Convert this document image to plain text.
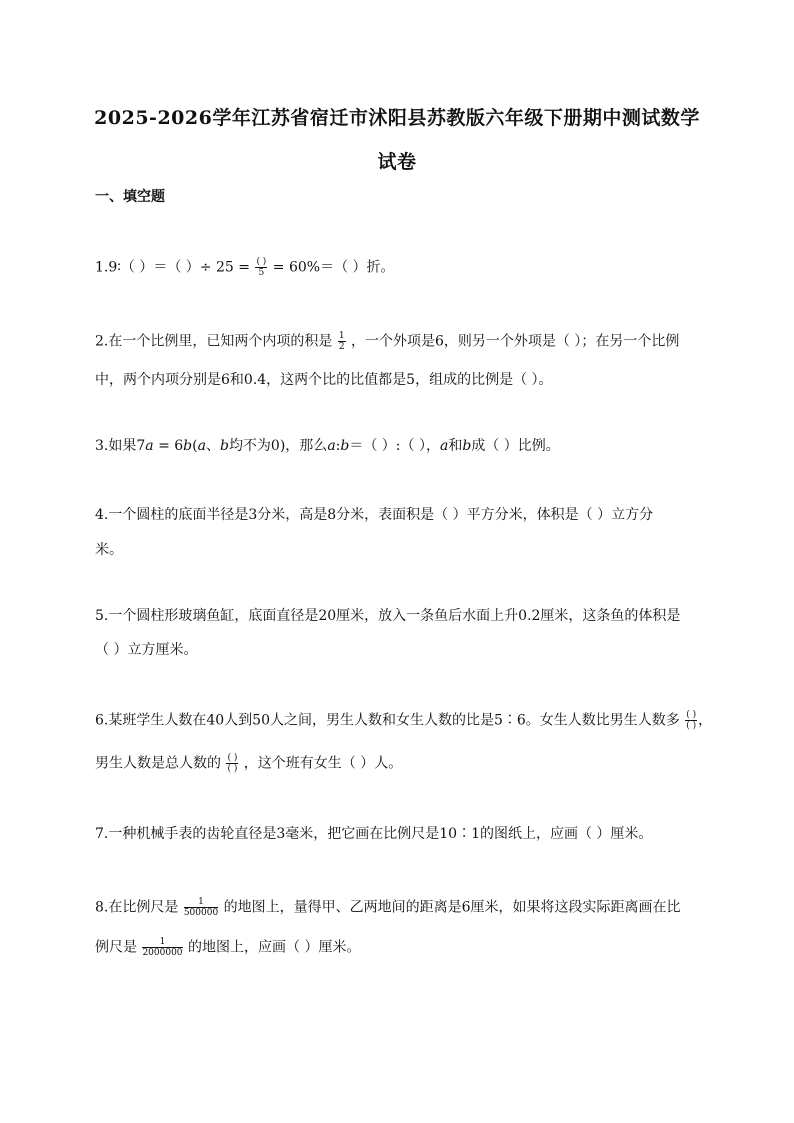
2025-2026学年江苏省宿迁市沭阳县苏教版六年级下册期中测试数学
试卷
一、填空题
1.9∶（ ）＝（ ）÷ $25 = \frac{( )}{5} = 60\%=$（ ）折。
2.在一个比例里，已知两个内项的积是 $\frac{1}{2}$ ，一个外项是6，则另一个外项是（ ）；在另一个比例
中，两个内项分别是6和0.4，这两个比的比值都是5，组成的比例是（ ）。
3.如果7a = 6b(a、b均不为0)，那么a:b＝（ ）:（ ），a和b成（ ）比例。
4.一个圆柱的底面半径是3分米，高是8分米，表面积是（ ）平方分米，体积是（ ）立方分
米。
5.一个圆柱形玻璃鱼缸，底面直径是20厘米，放入一条鱼后水面上升0.2厘米，这条鱼的体积是
（ ）立方厘米。
6.某班学生人数在40人到50人之间，男生人数和女生人数的比是5∶6。女生人数比男生人数多 $\frac{( )}{( )}$ ，
男生人数是总人数的 $\frac{( )}{( )}$ ，这个班有女生（ ）人。
7.一种机械手表的齿轮直径是3毫米，把它画在比例尺是10∶1的图纸上，应画（ ）厘米。
8.在比例尺是 $\frac{1}{500000}$ 的地图上，量得甲、乙两地间的距离是6厘米，如果将这段实际距离画在比
例尺是 $\frac{1}{2000000}$ 的地图上，应画（ ）厘米。
